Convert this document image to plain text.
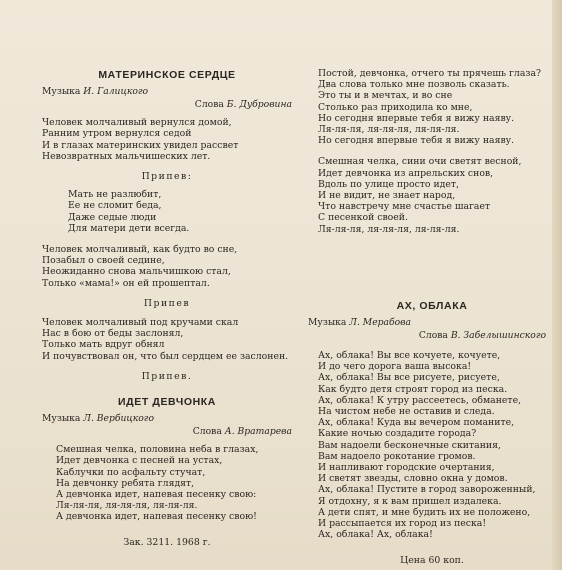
МАТЕРИНСКОЕ СЕРДЦЕ
Музыка И. Галицкого
Слова Б. Дубровина
Человек молчаливый вернулся домой,
Ранним утром вернулся седой
И в глазах материнских увидел рассвет
Невозвратных мальчишеских лет.
Припев:
Мать не разлюбит,
Ее не сломит беда,
Даже седые люди
Для матери дети всегда.
Человек молчаливый, как будто во сне,
Позабыл о своей седине,
Неожиданно снова мальчишкою стал,
Только «мама!» он ей прошептал.
Припев
Человек молчаливый под кручами скал
Нас в бою от беды заслонял,
Только мать вдруг обнял
И почувствовал он, что был сердцем ее заслонен.
Припев.
ИДЕТ ДЕВЧОНКА
Музыка Л. Вербицкого
Слова А. Вратарева
Смешная челка, половина неба в глазах,
Идет девчонка с песней на устах,
Каблучки по асфальту стучат,
На девчонку ребята глядят,
А девчонка идет, напевая песенку свою:
Ля-ля-ля, ля-ля-ля, ля-ля-ля.
А девчонка идет, напевая песенку свою!
Зак. 3211. 1968 г.
Постой, девчонка, отчего ты прячешь глаза?
Два слова только мне позволь сказать.
Это ты и в мечтах, и во сне
Столько раз приходила ко мне,
Но сегодня впервые тебя я вижу наяву.
Ля-ля-ля, ля-ля-ля, ля-ля-ля.
Но сегодня впервые тебя я вижу наяву.
Смешная челка, сини очи светят весной,
Идет девчонка из апрельских снов,
Вдоль по улице просто идет,
И не видит, не знает народ,
Что навстречу мне счастье шагает
С песенкой своей.
Ля-ля-ля, ля-ля-ля, ля-ля-ля.
АХ, ОБЛАКА
Музыка Л. Мерабова
Слова В. Забелышинского
Ах, облака! Вы все кочуете, кочуете,
И до чего дорога ваша высока!
Ах, облака! Вы все рисуете, рисуете,
Как будто детя строят город из песка.
Ах, облака! К утру рассеетесь, обманете,
На чистом небе не оставив и следа.
Ах, облака! Куда вы вечером поманите,
Какие ночью создадите города?
Вам надоели бесконечные скитания,
Вам надоело рокотание громов.
И напливают городские очертания,
И светят звезды, словно окна у домов.
Ах, облака! Пустите в город завороженный,
Я отдохну, я к вам пришел издалека.
А дети спят, и мне будить их не положено,
И рассыпается их город из песка!
Ах, облака! Ах, облака!
Цена 60 коп.
